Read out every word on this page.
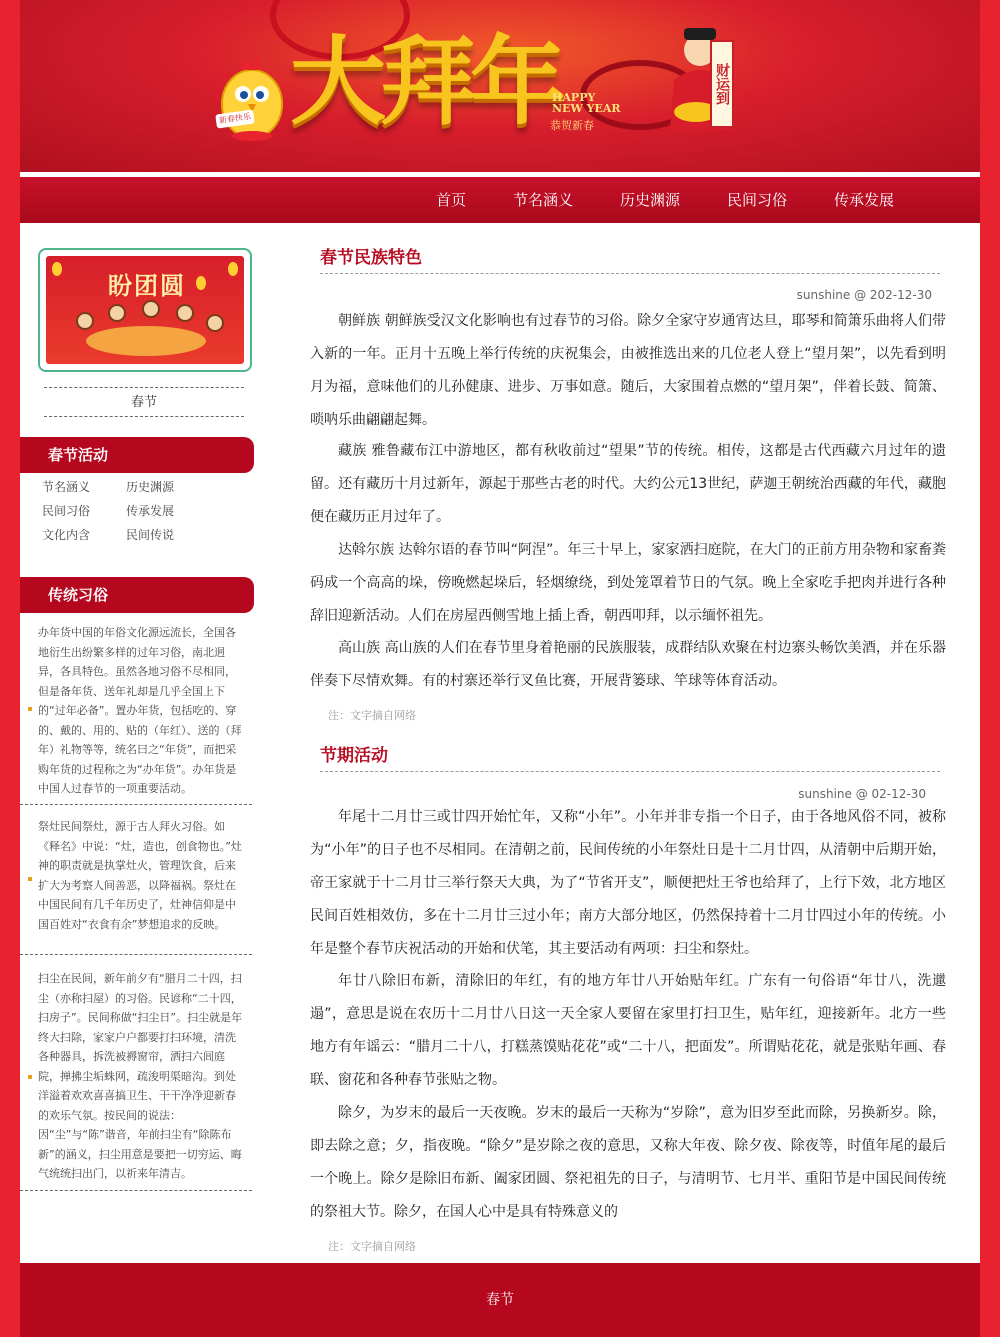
新春快乐 大拜年
HAPPY
NEW YEAR
恭贺新春
财运到
首页	节名涵义	历史渊源	民间习俗	传承发展
盼团圆
春节
春节活动
节名涵义	历史渊源
民间习俗	传承发展
文化内含	民间传说
传统习俗
办年货中国的年俗文化源远流长，全国各地衍生出纷繁多样的过年习俗，南北迥异，各具特色。虽然各地习俗不尽相同，但是备年货、送年礼却是几乎全国上下的“过年必备”。置办年货，包括吃的、穿的、戴的、用的、贴的（年红）、送的（拜年）礼物等等，统名曰之“年货”，而把采购年货的过程称之为“办年货”。办年货是中国人过春节的一项重要活动。
祭灶民间祭灶，源于古人拜火习俗。如《释名》中说：“灶，造也，创食物也。”灶神的职责就是执掌灶火，管理饮食，后来扩大为考察人间善恶，以降福祸。祭灶在中国民间有几千年历史了，灶神信仰是中国百姓对“衣食有余”梦想追求的反映。
扫尘在民间，新年前夕有“腊月二十四，扫尘（亦称扫屋）的习俗。民谚称“二十四，扫房子”。民间称做“扫尘日”。扫尘就是年终大扫除，家家户户都要打扫环境，清洗各种器具，拆洗被褥窗帘，洒扫六闾庭院，掸拂尘垢蛛网，疏浚明渠暗沟。到处洋溢着欢欢喜喜搞卫生、干干净净迎新春的欢乐气氛。按民间的说法：因“尘”与“陈”谐音，年前扫尘有“除陈布新”的涵义，扫尘用意是要把一切穷运、晦气统统扫出门，以祈来年清吉。
春节民族特色
sunshine @ 202-12-30
朝鲜族 朝鲜族受汉文化影响也有过春节的习俗。除夕全家守岁通宵达旦，耶琴和简箫乐曲将人们带入新的一年。正月十五晚上举行传统的庆祝集会，由被推选出来的几位老人登上“望月架”，以先看到明月为福，意味他们的儿孙健康、进步、万事如意。随后，大家围着点燃的“望月架”，伴着长鼓、简箫、唢呐乐曲翩翩起舞。
藏族 雅鲁藏布江中游地区，都有秋收前过“望果”节的传统。相传，这都是古代西藏六月过年的遗留。还有藏历十月过新年，源起于那些古老的时代。大约公元13世纪，萨迦王朝统治西藏的年代，藏胞便在藏历正月过年了。
达斡尔族 达斡尔语的春节叫“阿涅”。年三十早上，家家洒扫庭院，在大门的正前方用杂物和家畜粪码成一个高高的垛，傍晚燃起垛后，轻烟缭绕，到处笼罩着节日的气氛。晚上全家吃手把肉并进行各种辞旧迎新活动。人们在房屋西侧雪地上插上香，朝西叩拜，以示缅怀祖先。
高山族 高山族的人们在春节里身着艳丽的民族服装，成群结队欢聚在村边寨头畅饮美酒，并在乐器伴奏下尽情欢舞。有的村寨还举行叉鱼比赛，开展背篓球、竿球等体育活动。
注：文字摘自网络
节期活动
sunshine @ 02-12-30
年尾十二月廿三或廿四开始忙年，又称“小年”。小年并非专指一个日子，由于各地风俗不同，被称为“小年”的日子也不尽相同。在清朝之前，民间传统的小年祭灶日是十二月廿四，从清朝中后期开始，帝王家就于十二月廿三举行祭天大典，为了“节省开支”，顺便把灶王爷也给拜了，上行下效，北方地区民间百姓相效仿，多在十二月廿三过小年；南方大部分地区，仍然保持着十二月廿四过小年的传统。小年是整个春节庆祝活动的开始和伏笔，其主要活动有两项：扫尘和祭灶。
年廿八除旧布新，清除旧的年红，有的地方年廿八开始贴年红。广东有一句俗语“年廿八，洗邋遢”，意思是说在农历十二月廿八日这一天全家人要留在家里打扫卫生，贴年红，迎接新年。北方一些地方有年谣云：“腊月二十八，打糕蒸馍贴花花”或“二十八，把面发”。所谓贴花花，就是张贴年画、春联、窗花和各种春节张贴之物。
除夕，为岁末的最后一天夜晚。岁末的最后一天称为“岁除”，意为旧岁至此而除，另换新岁。除，即去除之意；夕，指夜晚。“除夕”是岁除之夜的意思，又称大年夜、除夕夜、除夜等，时值年尾的最后一个晚上。除夕是除旧布新、阖家团圆、祭祀祖先的日子，与清明节、七月半、重阳节是中国民间传统的祭祖大节。除夕，在国人心中是具有特殊意义的
注：文字摘自网络
春节
